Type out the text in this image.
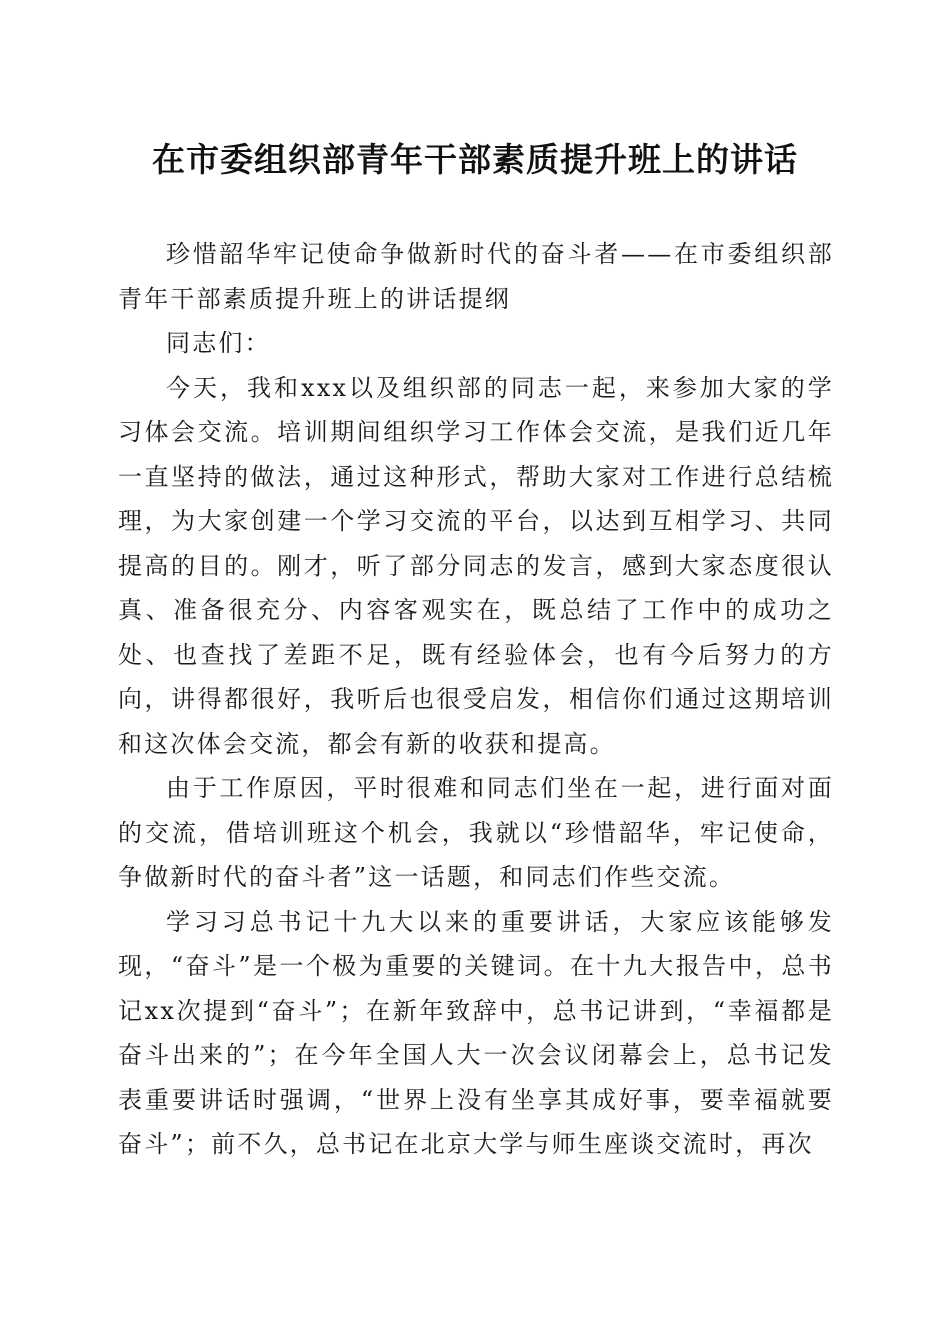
在市委组织部青年干部素质提升班上的讲话

珍惜韶华牢记使命争做新时代的奋斗者——在市委组织部青年干部素质提升班上的讲话提纲

同志们：

今天，我和xxx以及组织部的同志一起，来参加大家的学习体会交流。培训期间组织学习工作体会交流，是我们近几年一直坚持的做法，通过这种形式，帮助大家对工作进行总结梳理，为大家创建一个学习交流的平台，以达到互相学习、共同提高的目的。刚才，听了部分同志的发言，感到大家态度很认真、准备很充分、内容客观实在，既总结了工作中的成功之处、也查找了差距不足，既有经验体会，也有今后努力的方向，讲得都很好，我听后也很受启发，相信你们通过这期培训和这次体会交流，都会有新的收获和提高。

由于工作原因，平时很难和同志们坐在一起，进行面对面的交流，借培训班这个机会，我就以“珍惜韶华，牢记使命，争做新时代的奋斗者”这一话题，和同志们作些交流。

学习习总书记十九大以来的重要讲话，大家应该能够发现，“奋斗”是一个极为重要的关键词。在十九大报告中，总书记xx次提到“奋斗”；在新年致辞中，总书记讲到，“幸福都是奋斗出来的”；在今年全国人大一次会议闭幕会上，总书记发表重要讲话时强调，“世界上没有坐享其成好事，要幸福就要奋斗”；前不久，总书记在北京大学与师生座谈交流时，再次
